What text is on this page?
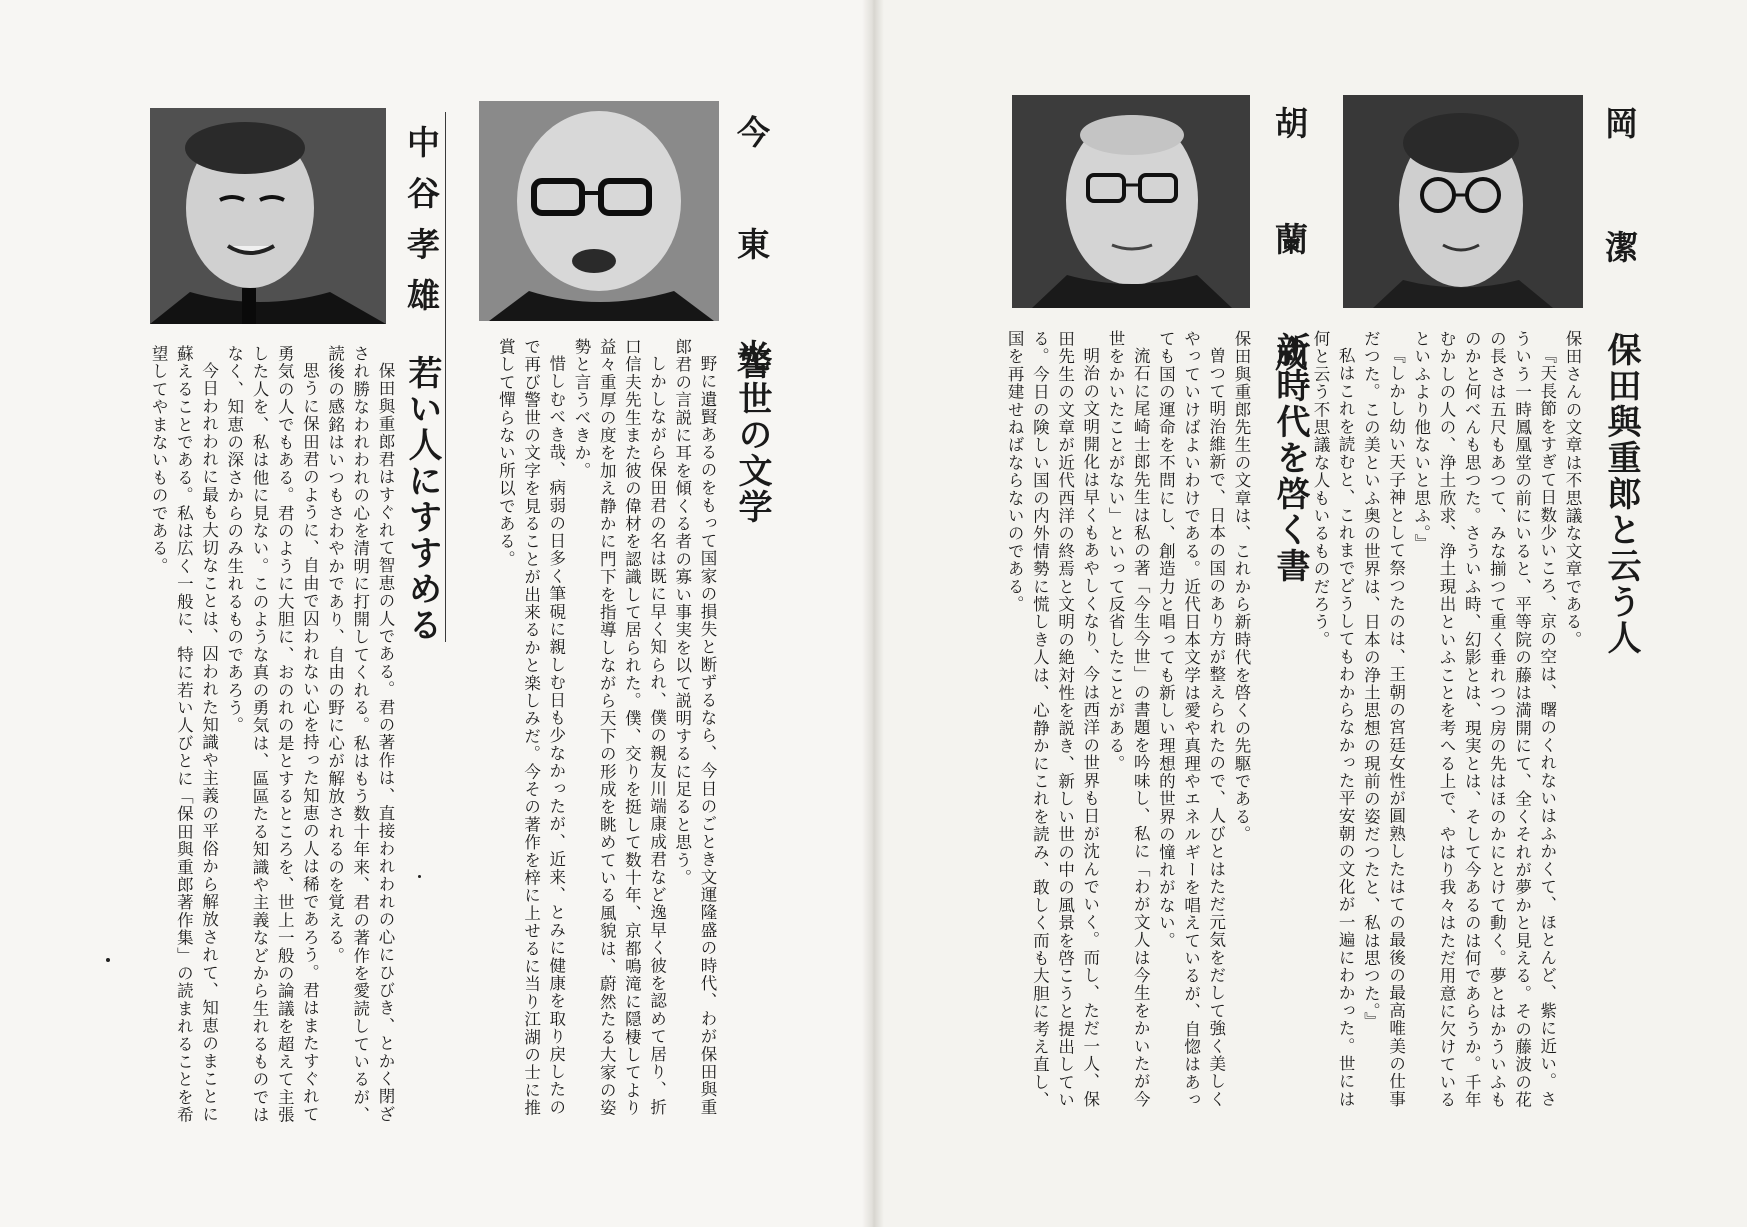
岡 潔
保田與重郎と云う人

保田さんの文章は不思議な文章である。

『天長節をすぎて日数少いころ、京の空は、曙のくれないはふかくて、ほとんど、紫に近い。さういう一時鳳凰堂の前にいると、平等院の藤は満開にて、全くそれが夢かと見える。その藤波の花の長さは五尺もあつて、みな揃つて重く垂れつつ房の先はほのかにとけて動く。夢とはかういふものかと何べんも思つた。さういふ時、幻影とは、現実とは、そして今あるのは何であらうか。千年むかしの人の、浄土欣求、浄土現出といふことを考へる上で、やはり我々はただ用意に欠けているといふより他ないと思ふ。』

『しかし幼い天子神として祭つたのは、王朝の宮廷女性が圓熟したはての最後の最高唯美の仕事だつた。この美といふ奥の世界は、日本の浄土思想の現前の姿だつたと、私は思つた。』

私はこれを読むと、これまでどうしてもわからなかった平安朝の文化が一遍にわかった。世には何と云う不思議な人もいるものだろう。

胡 蘭 成
新時代を啓く書

保田與重郎先生の文章は、これから新時代を啓くの先駆である。

曽つて明治維新で、日本の国のあり方が整えられたので、人びとはただ元気をだして強く美しくやっていけばよいわけである。近代日本文学は愛や真理やエネルギーを唱えているが、自惚はあっても国の運命を不問にし、創造力と唱っても新しい理想的世界の憧れがない。

流石に尾崎士郎先生は私の著「今生今世」の書題を吟味し、私に「わが文人は今生をかいたが今世をかいたことがない」といって反省したことがある。

明治の文明開化は早くもあやしくなり、今は西洋の世界も日が沈んでいく。而し、ただ一人、保田先生の文章が近代西洋の終焉と文明の絶対性を説き、新しい世の中の風景を啓こうと提出している。今日の険しい国の内外情勢に慌しき人は、心静かにこれを読み、敢しく而も大胆に考え直し、国を再建せねばならないのである。

今 東 光
警世の文学

野に遺賢あるのをもって国家の損失と断ずるなら、今日のごとき文運隆盛の時代、わが保田與重郎君の言説に耳を傾くる者の寡い事実を以て説明するに足ると思う。

しかしながら保田君の名は既に早く知られ、僕の親友川端康成君など逸早く彼を認めて居り、折口信夫先生また彼の偉材を認識して居られた。僕、交りを挺して数十年、京都鳴滝に隠棲してより益々重厚の度を加え静かに門下を指導しながら天下の形成を眺めている風貌は、蔚然たる大家の姿勢と言うべきか。

惜しむべき哉、病弱の日多く筆硯に親しむ日も少なかったが、近来、とみに健康を取り戻したので再び警世の文字を見ることが出来るかと楽しみだ。今その著作を梓に上せるに当り江湖の士に推賞して憚らない所以である。

中谷孝雄
若い人にすすめる

保田與重郎君はすぐれて智恵の人である。君の著作は、直接われわれの心にひびき、とかく閉ざされ勝なわれわれの心を清明に打開してくれる。私はもう数十年来、君の著作を愛読しているが、読後の感銘はいつもさわやかであり、自由の野に心が解放されるのを覚える。

思うに保田君のように、自由で囚われない心を持った知恵の人は稀であろう。君はまたすぐれて勇気の人でもある。君のように大胆に、おのれの是とするところを、世上一般の論議を超えて主張した人を、私は他に見ない。このような真の勇気は、區區たる知識や主義などから生れるものではなく、知恵の深さからのみ生れるものであろう。

今日われわれに最も大切なことは、囚われた知識や主義の平俗から解放されて、知恵のまことに蘇えることである。私は広く一般に、特に若い人びとに「保田與重郎著作集」の読まれることを希望してやまないものである。
